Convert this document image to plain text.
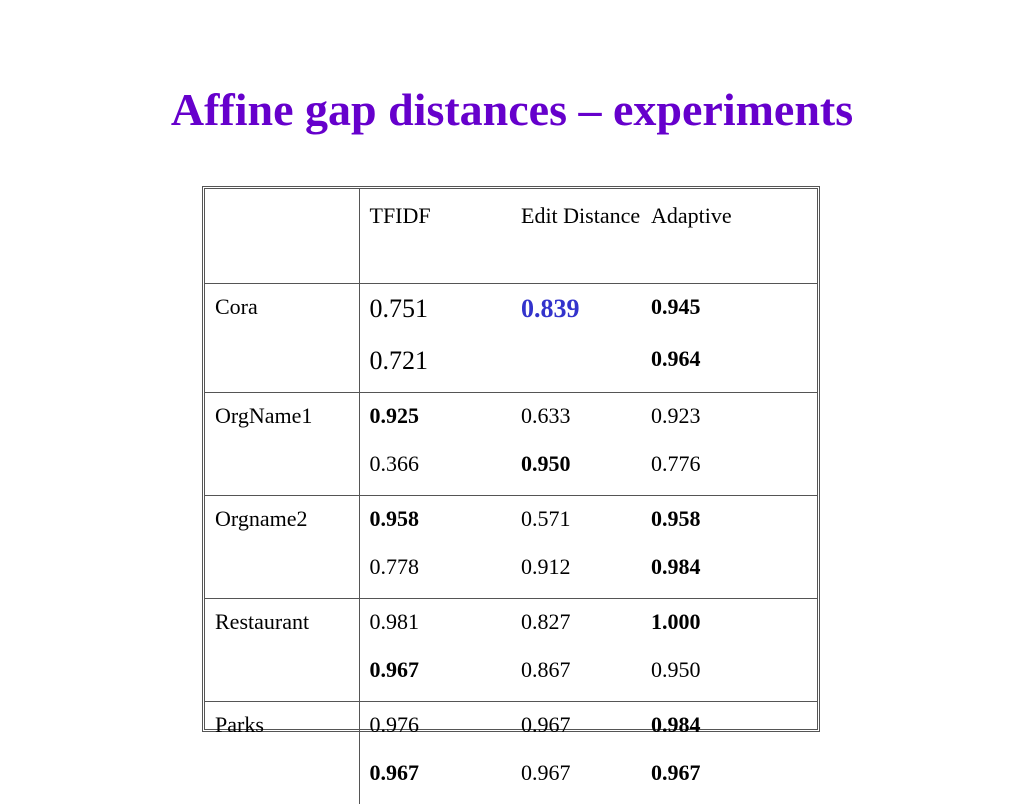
Affine gap distances – experiments
	TFIDF	Edit Distance	Adaptive
Cora	0.751	0.839	0.945
	0.721		0.964
OrgName1	0.925	0.633	0.923
	0.366	0.950	0.776
Orgname2	0.958	0.571	0.958
	0.778	0.912	0.984
Restaurant	0.981	0.827	1.000
	0.967	0.867	0.950
Parks	0.976	0.967	0.984
	0.967	0.967	0.967
